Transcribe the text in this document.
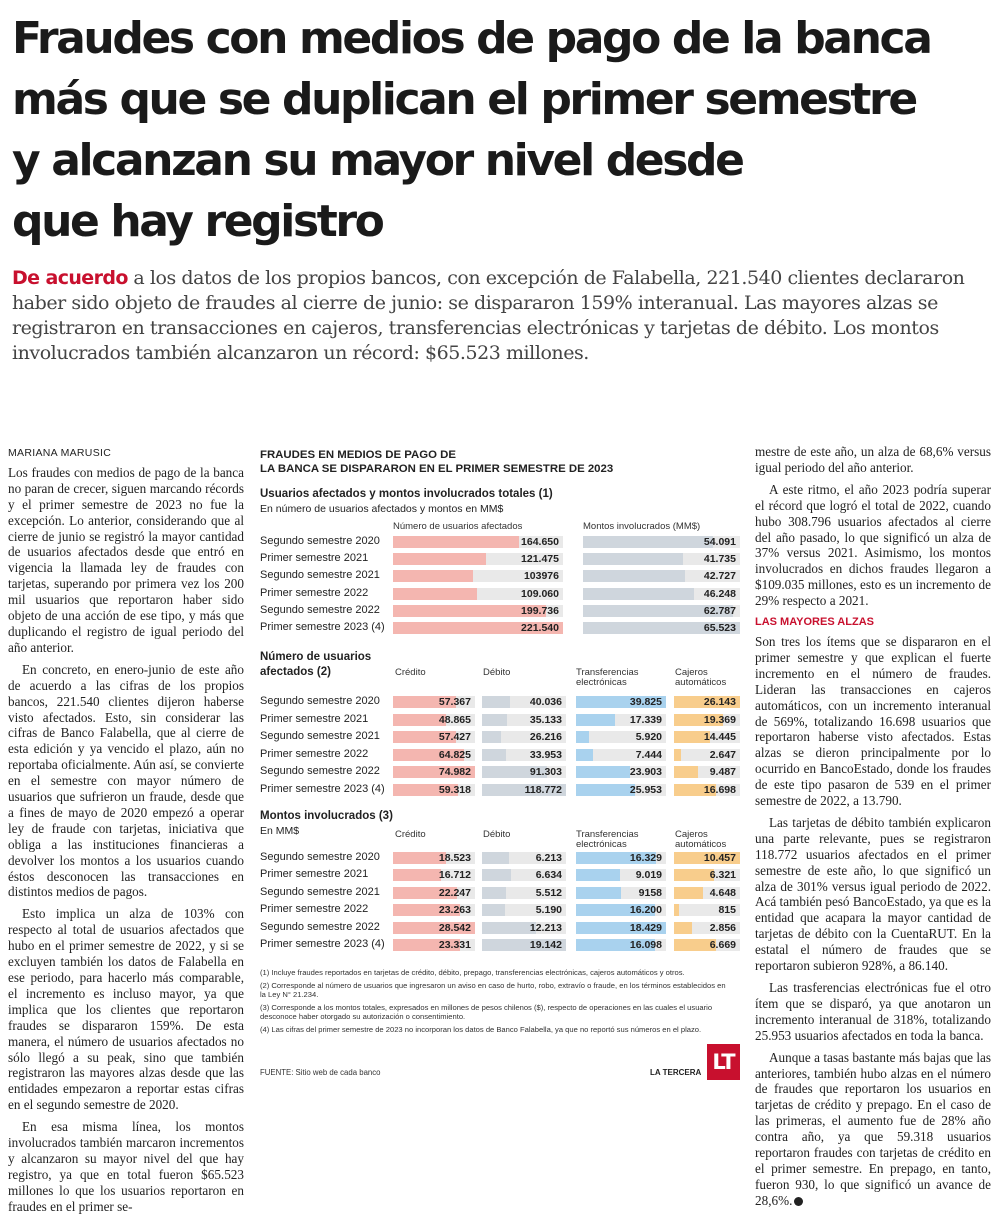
Fraudes con medios de pago de la banca
más que se duplican el primer semestre
y alcanzan su mayor nivel desde
que hay registro

De acuerdo a los datos de los propios bancos, con excepción de Falabella, 221.540 clientes declararon haber sido objeto de fraudes al cierre de junio: se dispararon 159% interanual. Las mayores alzas se registraron en transacciones en cajeros, transferencias electrónicas y tarjetas de débito. Los montos involucrados también alcanzaron un récord: $65.523 millones.

MARIANA MARUSIC

Los fraudes con medios de pago de la banca no paran de crecer, siguen marcando récords y el primer semestre de 2023 no fue la excepción. Lo anterior, considerando que al cierre de junio se registró la mayor cantidad de usuarios afectados desde que entró en vigencia la llamada ley de fraudes con tarjetas, superando por primera vez los 200 mil usuarios que reportaron haber sido objeto de una acción de ese tipo, y más que duplicando el registro de igual periodo del año anterior.

En concreto, en enero-junio de este año de acuerdo a las cifras de los propios bancos, 221.540 clientes dijeron haberse visto afectados. Esto, sin considerar las cifras de Banco Falabella, que al cierre de esta edición y ya vencido el plazo, aún no reportaba oficialmente. Aún así, se convierte en el semestre con mayor número de usuarios que sufrieron un fraude, desde que a fines de mayo de 2020 empezó a operar ley de fraude con tarjetas, iniciativa que obliga a las instituciones financieras a devolver los montos a los usuarios cuando éstos desconocen las transacciones en distintos medios de pagos.

Esto implica un alza de 103% con respecto al total de usuarios afectados que hubo en el primer semestre de 2022, y si se excluyen también los datos de Falabella en ese periodo, para hacerlo más comparable, el incremento es incluso mayor, ya que implica que los clientes que reportaron fraudes se dispararon 159%. De esta manera, el número de usuarios afectados no sólo llegó a su peak, sino que también registraron las mayores alzas desde que las entidades empezaron a reportar estas cifras en el segundo semestre de 2020.

En esa misma línea, los montos involucrados también marcaron incrementos y alcanzaron su mayor nivel del que hay registro, ya que en total fueron $65.523 millones lo que los usuarios reportaron en fraudes en el primer se-

FRAUDES EN MEDIOS DE PAGO DE
LA BANCA SE DISPARARON EN EL PRIMER SEMESTRE DE 2023
Usuarios afectados y montos involucrados totales (1)
En número de usuarios afectados y montos en MM$
Número de usuarios afectados	Montos involucrados (MM$)
Segundo semestre 2020	164.650	54.091
Primer semestre 2021	121.475	41.735
Segundo semestre 2021	103976	42.727
Primer semestre 2022	109.060	46.248
Segundo semestre 2022	199.736	62.787
Primer semestre 2023 (4)	221.540	65.523
Número de usuarios
afectados (2)	Crédito	Débito	Transferencias
electrónicas
Cajeros
automáticos
Segundo semestre 2020	57.367	40.036	39.825	26.143
Primer semestre 2021	48.865	35.133	17.339	19.369
Segundo semestre 2021	57.427	26.216	5.920	14.445
Primer semestre 2022	64.825	33.953	7.444	2.647
Segundo semestre 2022	74.982	91.303	23.903	9.487
Primer semestre 2023 (4)	59.318	118.772	25.953	16.698
Montos involucrados (3)
En MM$	Crédito	Débito	Transferencias
electrónicas
Cajeros
automáticos
Segundo semestre 2020	18.523	6.213	16.329	10.457
Primer semestre 2021	16.712	6.634	9.019	6.321
Segundo semestre 2021	22.247	5.512	9158	4.648
Primer semestre 2022	23.263	5.190	16.200	815
Segundo semestre 2022	28.542	12.213	18.429	2.856
Primer semestre 2023 (4)	23.331	19.142	16.098	6.669

(1) Incluye fraudes reportados en tarjetas de crédito, débito, prepago, transferencias electrónicas, cajeros automáticos y otros.

(2) Corresponde al número de usuarios que ingresaron un aviso en caso de hurto, robo, extravío o fraude, en los términos establecidos en la Ley N° 21.234.

(3) Corresponde a los montos totales, expresados en millones de pesos chilenos ($), respecto de operaciones en las cuales el usuario desconoce haber otorgado su autorización o consentimiento.

(4) Las cifras del primer semestre de 2023 no incorporan los datos de Banco Falabella, ya que no reportó sus números en el plazo.

FUENTE: Sitio web de cada banco	LA TERCERA LT

mestre de este año, un alza de 68,6% versus igual periodo del año anterior.

A este ritmo, el año 2023 podría superar el récord que logró el total de 2022, cuando hubo 308.796 usuarios afectados al cierre del año pasado, lo que significó un alza de 37% versus 2021. Asimismo, los montos involucrados en dichos fraudes llegaron a $109.035 millones, esto es un incremento de 29% respecto a 2021.

LAS MAYORES ALZAS

Son tres los ítems que se dispararon en el primer semestre y que explican el fuerte incremento en el número de fraudes. Lideran las transacciones en cajeros automáticos, con un incremento interanual de 569%, totalizando 16.698 usuarios que reportaron haberse visto afectados. Estas alzas se dieron principalmente por lo ocurrido en BancoEstado, donde los fraudes de este tipo pasaron de 539 en el primer semestre de 2022, a 13.790.

Las tarjetas de débito también explicaron una parte relevante, pues se registraron 118.772 usuarios afectados en el primer semestre de este año, lo que significó un alza de 301% versus igual periodo de 2022. Acá también pesó BancoEstado, ya que es la entidad que acapara la mayor cantidad de tarjetas de débito con la CuentaRUT. En la estatal el número de fraudes que se reportaron subieron 928%, a 86.140.

Las trasferencias electrónicas fue el otro ítem que se disparó, ya que anotaron un incremento interanual de 318%, totalizando 25.953 usuarios afectados en toda la banca.

Aunque a tasas bastante más bajas que las anteriores, también hubo alzas en el número de fraudes que reportaron los usuarios en tarjetas de crédito y prepago. En el caso de las primeras, el aumento fue de 28% año contra año, ya que 59.318 usuarios reportaron fraudes con tarjetas de crédito en el primer semestre. En prepago, en tanto, fueron 930, lo que significó un avance de 28,6%.
